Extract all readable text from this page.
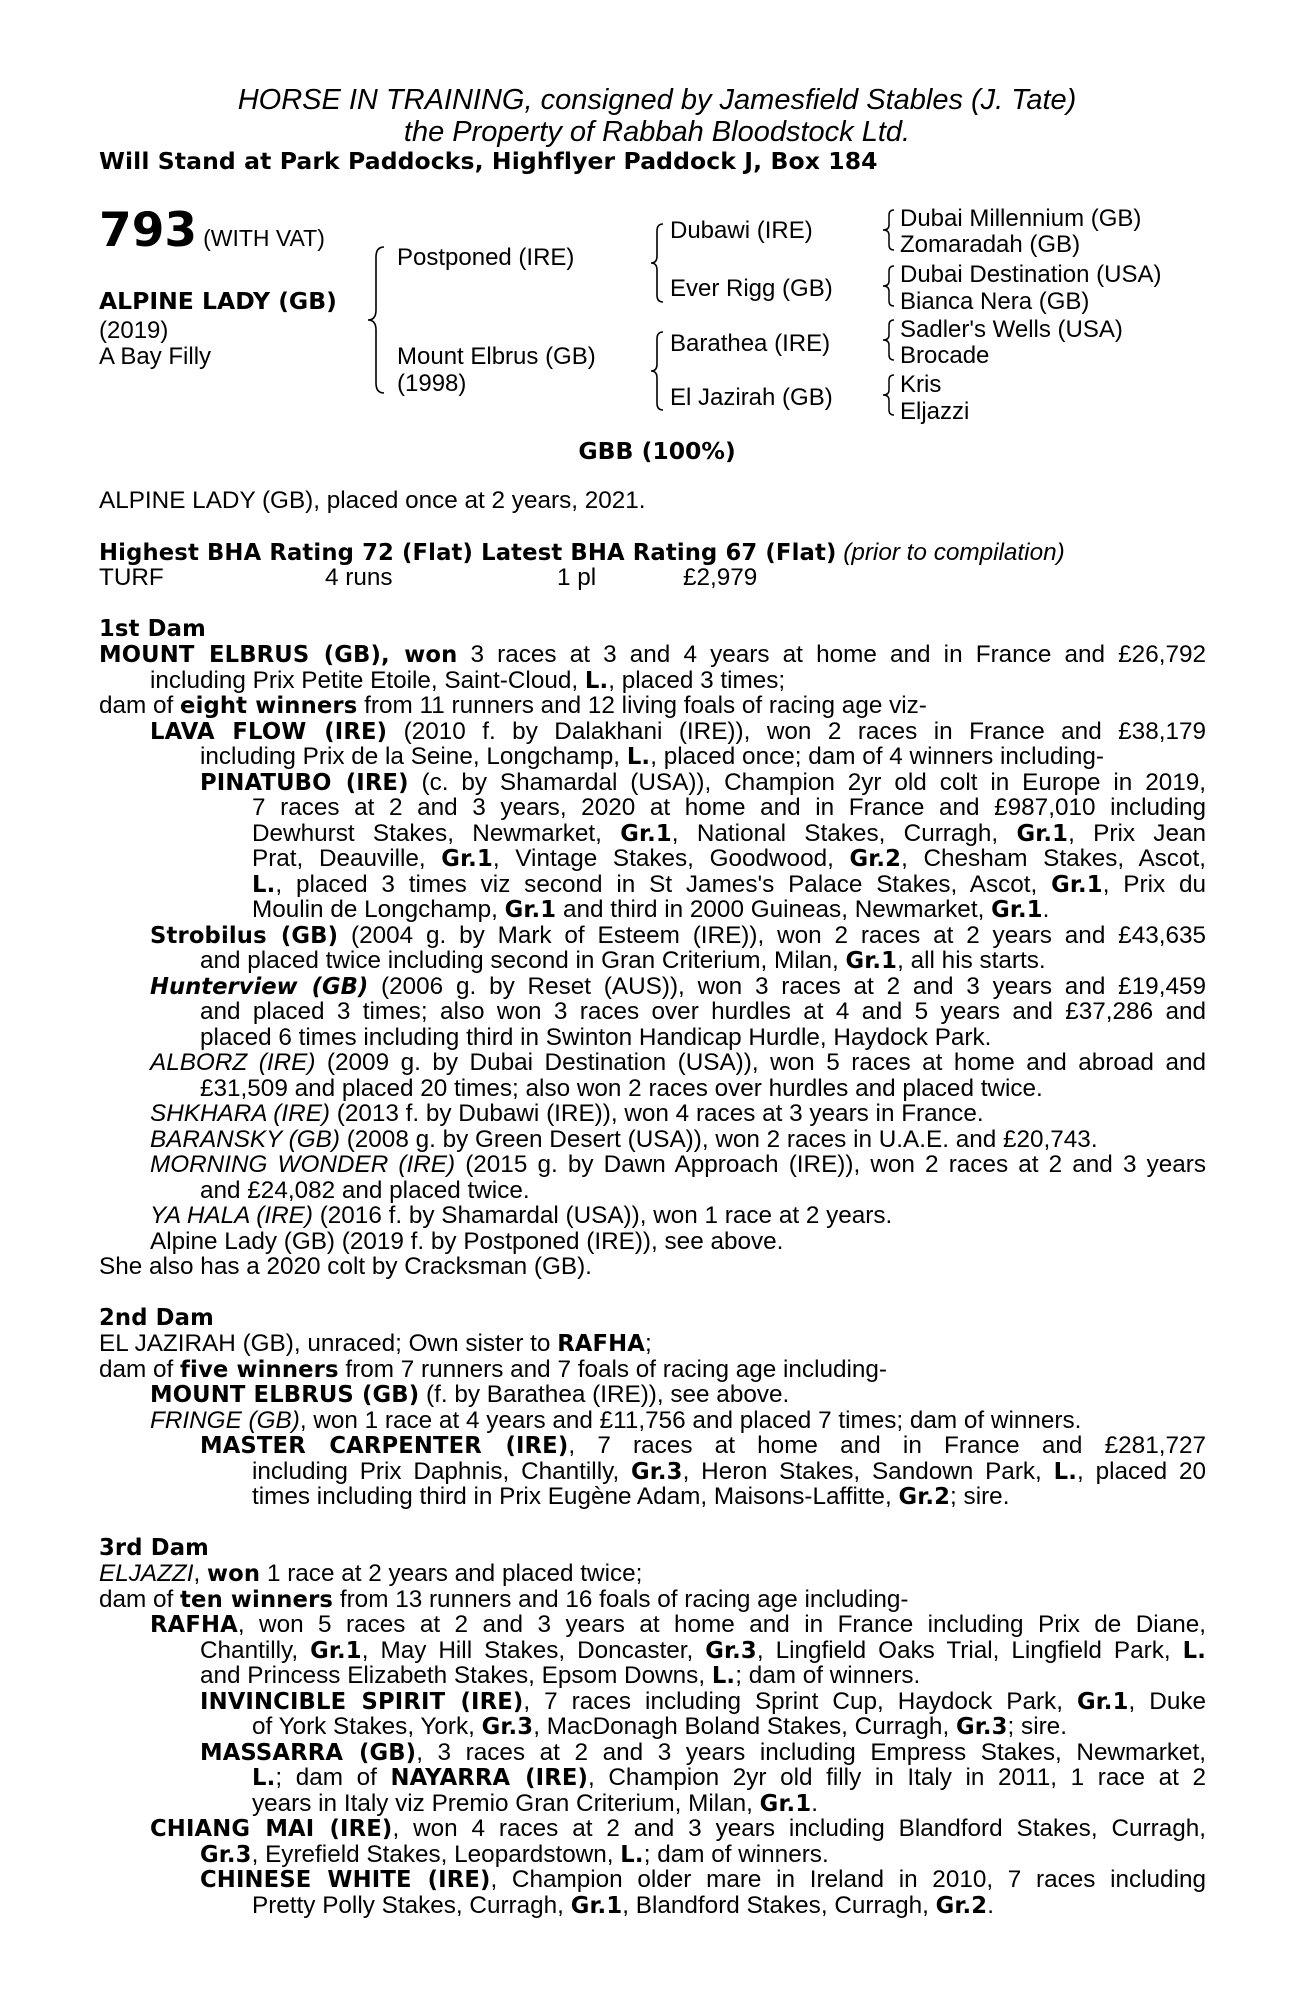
HORSE IN TRAINING, consigned by Jamesfield Stables (J. Tate)
the Property of Rabbah Bloodstock Ltd.
Will Stand at Park Paddocks, Highflyer Paddock J, Box 184
793 (WITH VAT)
ALPINE LADY (GB)
(2019)
A Bay Filly
Postponed (IRE)
Mount Elbrus (GB)
(1998)
Dubawi (IRE)
Ever Rigg (GB)
Barathea (IRE)
El Jazirah (GB)
Dubai Millennium (GB)
Zomaradah (GB)
Dubai Destination (USA)
Bianca Nera (GB)
Sadler's Wells (USA)
Brocade
Kris
Eljazzi
GBB (100%)
ALPINE LADY (GB), placed once at 2 years, 2021.
Highest BHA Rating 72 (Flat) Latest BHA Rating 67 (Flat) (prior to compilation)
TURF	4 runs	1 pl	£2,979
1st Dam
MOUNT ELBRUS (GB), won 3 races at 3 and 4 years at home and in France and £26,792
including Prix Petite Etoile, Saint-Cloud, L., placed 3 times;
dam of eight winners from 11 runners and 12 living foals of racing age viz-
LAVA FLOW (IRE) (2010 f. by Dalakhani (IRE)), won 2 races in France and £38,179
including Prix de la Seine, Longchamp, L., placed once; dam of 4 winners including-
PINATUBO (IRE) (c. by Shamardal (USA)), Champion 2yr old colt in Europe in 2019,
7 races at 2 and 3 years, 2020 at home and in France and £987,010 including
Dewhurst Stakes, Newmarket, Gr.1, National Stakes, Curragh, Gr.1, Prix Jean
Prat, Deauville, Gr.1, Vintage Stakes, Goodwood, Gr.2, Chesham Stakes, Ascot,
L., placed 3 times viz second in St James's Palace Stakes, Ascot, Gr.1, Prix du
Moulin de Longchamp, Gr.1 and third in 2000 Guineas, Newmarket, Gr.1.
Strobilus (GB) (2004 g. by Mark of Esteem (IRE)), won 2 races at 2 years and £43,635
and placed twice including second in Gran Criterium, Milan, Gr.1, all his starts.
Hunterview (GB) (2006 g. by Reset (AUS)), won 3 races at 2 and 3 years and £19,459
and placed 3 times; also won 3 races over hurdles at 4 and 5 years and £37,286 and
placed 6 times including third in Swinton Handicap Hurdle, Haydock Park.
ALBORZ (IRE) (2009 g. by Dubai Destination (USA)), won 5 races at home and abroad and
£31,509 and placed 20 times; also won 2 races over hurdles and placed twice.
SHKHARA (IRE) (2013 f. by Dubawi (IRE)), won 4 races at 3 years in France.
BARANSKY (GB) (2008 g. by Green Desert (USA)), won 2 races in U.A.E. and £20,743.
MORNING WONDER (IRE) (2015 g. by Dawn Approach (IRE)), won 2 races at 2 and 3 years
and £24,082 and placed twice.
YA HALA (IRE) (2016 f. by Shamardal (USA)), won 1 race at 2 years.
Alpine Lady (GB) (2019 f. by Postponed (IRE)), see above.
She also has a 2020 colt by Cracksman (GB).
2nd Dam
EL JAZIRAH (GB), unraced; Own sister to RAFHA;
dam of five winners from 7 runners and 7 foals of racing age including-
MOUNT ELBRUS (GB) (f. by Barathea (IRE)), see above.
FRINGE (GB), won 1 race at 4 years and £11,756 and placed 7 times; dam of winners.
MASTER CARPENTER (IRE), 7 races at home and in France and £281,727
including Prix Daphnis, Chantilly, Gr.3, Heron Stakes, Sandown Park, L., placed 20
times including third in Prix Eugène Adam, Maisons-Laffitte, Gr.2; sire.
3rd Dam
ELJAZZI, won 1 race at 2 years and placed twice;
dam of ten winners from 13 runners and 16 foals of racing age including-
RAFHA, won 5 races at 2 and 3 years at home and in France including Prix de Diane,
Chantilly, Gr.1, May Hill Stakes, Doncaster, Gr.3, Lingfield Oaks Trial, Lingfield Park, L.
and Princess Elizabeth Stakes, Epsom Downs, L.; dam of winners.
INVINCIBLE SPIRIT (IRE), 7 races including Sprint Cup, Haydock Park, Gr.1, Duke
of York Stakes, York, Gr.3, MacDonagh Boland Stakes, Curragh, Gr.3; sire.
MASSARRA (GB), 3 races at 2 and 3 years including Empress Stakes, Newmarket,
L.; dam of NAYARRA (IRE), Champion 2yr old filly in Italy in 2011, 1 race at 2
years in Italy viz Premio Gran Criterium, Milan, Gr.1.
CHIANG MAI (IRE), won 4 races at 2 and 3 years including Blandford Stakes, Curragh,
Gr.3, Eyrefield Stakes, Leopardstown, L.; dam of winners.
CHINESE WHITE (IRE), Champion older mare in Ireland in 2010, 7 races including
Pretty Polly Stakes, Curragh, Gr.1, Blandford Stakes, Curragh, Gr.2.
